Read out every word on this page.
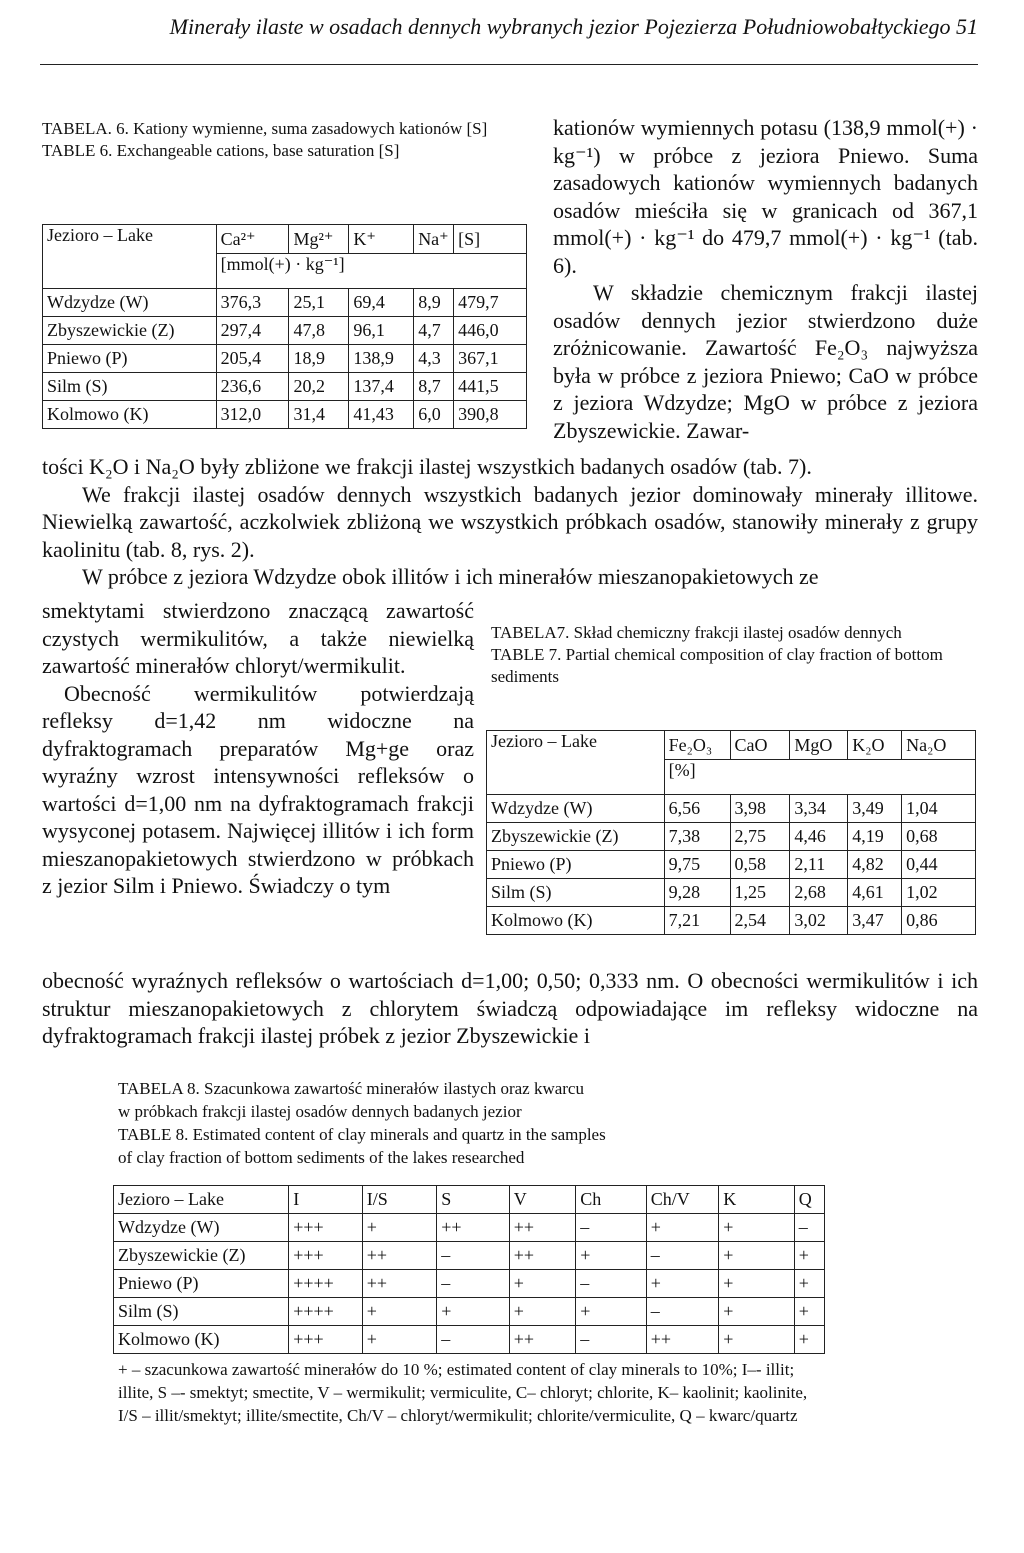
Minerały ilaste w osadach dennych wybranych jezior Pojezierza Południowobałtyckiego 51
TABELA. 6. Kationy wymienne, suma zasadowych kationów [S]
TABLE 6. Exchangeable cations, base saturation [S]
Jezioro – Lake	Ca²⁺	Mg²⁺	K⁺	Na⁺	[S]
	[mmol(+) · kg⁻¹]				
Wdzydze (W)	376,3	25,1	69,4	8,9	479,7
Zbyszewickie (Z)	297,4	47,8	96,1	4,7	446,0
Pniewo (P)	205,4	18,9	138,9	4,3	367,1
Silm (S)	236,6	20,2	137,4	8,7	441,5
Kolmowo (K)	312,0	31,4	41,43	6,0	390,8

kationów wymiennych potasu (138,9 mmol(+) · kg⁻¹) w próbce z jeziora Pniewo. Suma zasadowych kationów wymiennych badanych osadów mieściła się w granicach od 367,1 mmol(+) · kg⁻¹ do 479,7 mmol(+) · kg⁻¹ (tab. 6).

W składzie chemicznym frakcji ilastej osadów dennych jezior stwierdzono duże zróżnicowanie. Zawartość Fe₂O₃ najwyższa była w próbce z jeziora Pniewo; CaO w próbce z jeziora Wdzydze; MgO w próbce z jeziora Zbyszewickie. Zawar-

tości K₂O i Na₂O były zbliżone we frakcji ilastej wszystkich badanych osadów (tab. 7).

We frakcji ilastej osadów dennych wszystkich badanych jezior dominowały minerały illitowe. Niewielką zawartość, aczkolwiek zbliżoną we wszystkich próbkach osadów, stanowiły minerały z grupy kaolinitu (tab. 8, rys. 2).

W próbce z jeziora Wdzydze obok illitów i ich minerałów mieszanopakietowych ze

smektytami stwierdzono znaczącą zawartość czystych wermikulitów, a także niewielką zawartość minerałów chloryt/wermikulit.

Obecność wermikulitów potwierdzają refleksy d=1,42 nm widoczne na dyfraktogramach preparatów Mg+ge oraz wyraźny wzrost intensywności refleksów o wartości d=1,00 nm na dyfraktogramach frakcji wysyconej potasem. Najwięcej illitów i ich form mieszanopakietowych stwierdzono w próbkach z jezior Silm i Pniewo. Świadczy o tym

TABELA7. Skład chemiczny frakcji ilastej osadów dennych
TABLE 7. Partial chemical composition of clay fraction of bottom sediments
Jezioro – Lake	Fe₂O₃	CaO	MgO	K₂O	Na₂O
	[%]				
Wdzydze (W)	6,56	3,98	3,34	3,49	1,04
Zbyszewickie (Z)	7,38	2,75	4,46	4,19	0,68
Pniewo (P)	9,75	0,58	2,11	4,82	0,44
Silm (S)	9,28	1,25	2,68	4,61	1,02
Kolmowo (K)	7,21	2,54	3,02	3,47	0,86

obecność wyraźnych refleksów o wartościach d=1,00; 0,50; 0,333 nm. O obecności wermikulitów i ich struktur mieszanopakietowych z chlorytem świadczą odpowiadające im refleksy widoczne na dyfraktogramach frakcji ilastej próbek z jezior Zbyszewickie i

TABELA 8. Szacunkowa zawartość minerałów ilastych oraz kwarcu
w próbkach frakcji ilastej osadów dennych badanych jezior
TABLE 8. Estimated content of clay minerals and quartz in the samples
of clay fraction of bottom sediments of the lakes researched
Jezioro – Lake	I	I/S	S	V	Ch	Ch/V	K	Q
Wdzydze (W)	+++	+	++	++	–	+	+	–
Zbyszewickie (Z)	+++	++	–	++	+	–	+	+
Pniewo (P)	++++	++	–	+	–	+	+	+
Silm (S)	++++	+	+	+	+	–	+	+
Kolmowo (K)	+++	+	–	++	–	++	+	+
+ – szacunkowa zawartość minerałów do 10 %; estimated content of clay minerals to 10%; I–- illit; illite, S –- smektyt; smectite, V – wermikulit; vermiculite, C– chloryt; chlorite, K– kaolinit; kaolinite, I/S – illit/smektyt; illite/smectite, Ch/V – chloryt/wermikulit; chlorite/vermiculite, Q – kwarc/quartz
